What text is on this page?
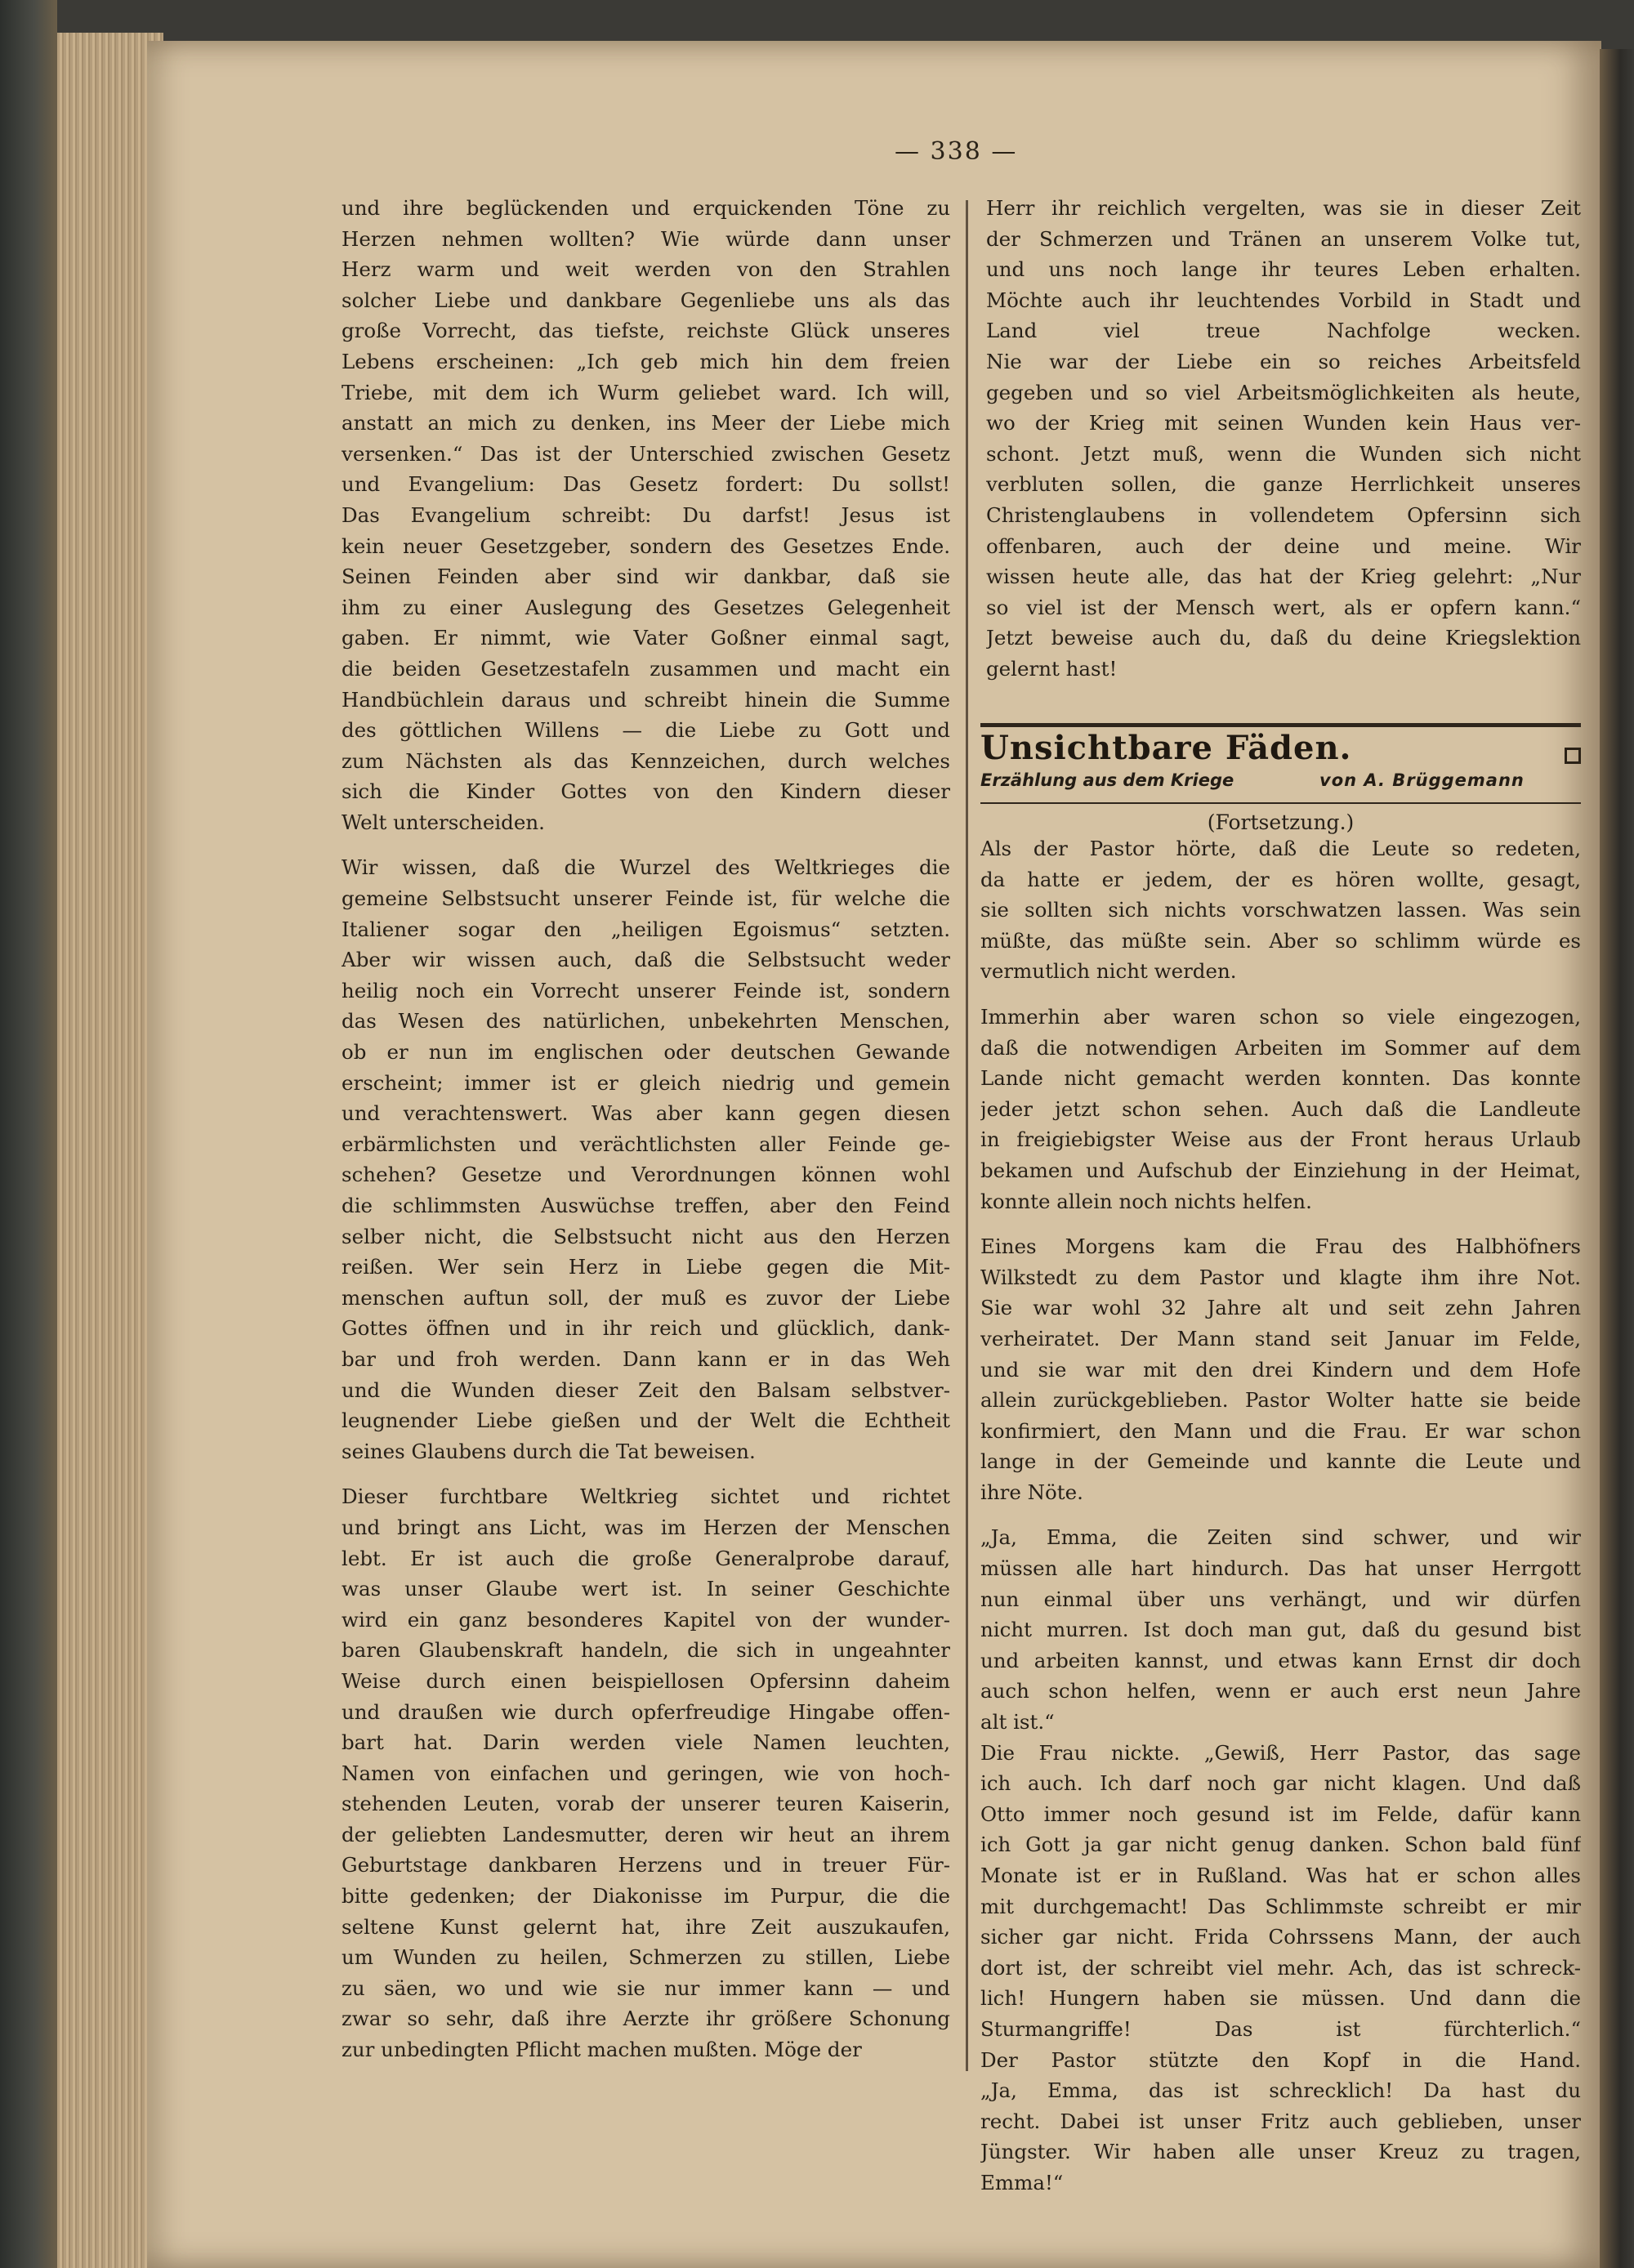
— 338 —
und ihre beglückenden und erquickenden Töne zu
Herzen nehmen wollten? Wie würde dann unser
Herz warm und weit werden von den Strahlen
solcher Liebe und dankbare Gegenliebe uns als das
große Vorrecht, das tiefste, reichste Glück unseres
Lebens erscheinen: „Ich geb mich hin dem freien
Triebe, mit dem ich Wurm geliebet ward. Ich will,
anstatt an mich zu denken, ins Meer der Liebe mich
versenken.“ Das ist der Unterschied zwischen Gesetz
und Evangelium: Das Gesetz fordert: Du sollst!
Das Evangelium schreibt: Du darfst! Jesus ist
kein neuer Gesetzgeber, sondern des Gesetzes Ende.
Seinen Feinden aber sind wir dankbar, daß sie
ihm zu einer Auslegung des Gesetzes Gelegenheit
gaben. Er nimmt, wie Vater Goßner einmal sagt,
die beiden Gesetzestafeln zusammen und macht ein
Handbüchlein daraus und schreibt hinein die Summe
des göttlichen Willens — die Liebe zu Gott und
zum Nächsten als das Kennzeichen, durch welches
sich die Kinder Gottes von den Kindern dieser
Welt unterscheiden.
Wir wissen, daß die Wurzel des Weltkrieges die
gemeine Selbstsucht unserer Feinde ist, für welche die
Italiener sogar den „heiligen Egoismus“ setzten.
Aber wir wissen auch, daß die Selbstsucht weder
heilig noch ein Vorrecht unserer Feinde ist, sondern
das Wesen des natürlichen, unbekehrten Menschen,
ob er nun im englischen oder deutschen Gewande
erscheint; immer ist er gleich niedrig und gemein
und verachtenswert. Was aber kann gegen diesen
erbärmlichsten und verächtlichsten aller Feinde ge-
schehen? Gesetze und Verordnungen können wohl
die schlimmsten Auswüchse treffen, aber den Feind
selber nicht, die Selbstsucht nicht aus den Herzen
reißen. Wer sein Herz in Liebe gegen die Mit-
menschen auftun soll, der muß es zuvor der Liebe
Gottes öffnen und in ihr reich und glücklich, dank-
bar und froh werden. Dann kann er in das Weh
und die Wunden dieser Zeit den Balsam selbstver-
leugnender Liebe gießen und der Welt die Echtheit
seines Glaubens durch die Tat beweisen.
Dieser furchtbare Weltkrieg sichtet und richtet
und bringt ans Licht, was im Herzen der Menschen
lebt. Er ist auch die große Generalprobe darauf,
was unser Glaube wert ist. In seiner Geschichte
wird ein ganz besonderes Kapitel von der wunder-
baren Glaubenskraft handeln, die sich in ungeahnter
Weise durch einen beispiellosen Opfersinn daheim
und draußen wie durch opferfreudige Hingabe offen-
bart hat. Darin werden viele Namen leuchten,
Namen von einfachen und geringen, wie von hoch-
stehenden Leuten, vorab der unserer teuren Kaiserin,
der geliebten Landesmutter, deren wir heut an ihrem
Geburtstage dankbaren Herzens und in treuer Für-
bitte gedenken; der Diakonisse im Purpur, die die
seltene Kunst gelernt hat, ihre Zeit auszukaufen,
um Wunden zu heilen, Schmerzen zu stillen, Liebe
zu säen, wo und wie sie nur immer kann — und
zwar so sehr, daß ihre Aerzte ihr größere Schonung
zur unbedingten Pflicht machen mußten. Möge der
Herr ihr reichlich vergelten, was sie in dieser Zeit
der Schmerzen und Tränen an unserem Volke tut,
und uns noch lange ihr teures Leben erhalten.
Möchte auch ihr leuchtendes Vorbild in Stadt und
Land viel treue Nachfolge wecken.
Nie war der Liebe ein so reiches Arbeitsfeld
gegeben und so viel Arbeitsmöglichkeiten als heute,
wo der Krieg mit seinen Wunden kein Haus ver-
schont. Jetzt muß, wenn die Wunden sich nicht
verbluten sollen, die ganze Herrlichkeit unseres
Christenglaubens in vollendetem Opfersinn sich
offenbaren, auch der deine und meine. Wir
wissen heute alle, das hat der Krieg gelehrt: „Nur
so viel ist der Mensch wert, als er opfern kann.“
Jetzt beweise auch du, daß du deine Kriegslektion
gelernt hast!
Unsichtbare Fäden.
Erzählung aus dem Kriege	von A. Brüggemann
(Fortsetzung.)
Als der Pastor hörte, daß die Leute so redeten,
da hatte er jedem, der es hören wollte, gesagt,
sie sollten sich nichts vorschwatzen lassen. Was sein
müßte, das müßte sein. Aber so schlimm würde es
vermutlich nicht werden.
Immerhin aber waren schon so viele eingezogen,
daß die notwendigen Arbeiten im Sommer auf dem
Lande nicht gemacht werden konnten. Das konnte
jeder jetzt schon sehen. Auch daß die Landleute
in freigiebigster Weise aus der Front heraus Urlaub
bekamen und Aufschub der Einziehung in der Heimat,
konnte allein noch nichts helfen.
Eines Morgens kam die Frau des Halbhöfners
Wilkstedt zu dem Pastor und klagte ihm ihre Not.
Sie war wohl 32 Jahre alt und seit zehn Jahren
verheiratet. Der Mann stand seit Januar im Felde,
und sie war mit den drei Kindern und dem Hofe
allein zurückgeblieben. Pastor Wolter hatte sie beide
konfirmiert, den Mann und die Frau. Er war schon
lange in der Gemeinde und kannte die Leute und
ihre Nöte.
„Ja, Emma, die Zeiten sind schwer, und wir
müssen alle hart hindurch. Das hat unser Herrgott
nun einmal über uns verhängt, und wir dürfen
nicht murren. Ist doch man gut, daß du gesund bist
und arbeiten kannst, und etwas kann Ernst dir doch
auch schon helfen, wenn er auch erst neun Jahre
alt ist.“
Die Frau nickte. „Gewiß, Herr Pastor, das sage
ich auch. Ich darf noch gar nicht klagen. Und daß
Otto immer noch gesund ist im Felde, dafür kann
ich Gott ja gar nicht genug danken. Schon bald fünf
Monate ist er in Rußland. Was hat er schon alles
mit durchgemacht! Das Schlimmste schreibt er mir
sicher gar nicht. Frida Cohrssens Mann, der auch
dort ist, der schreibt viel mehr. Ach, das ist schreck-
lich! Hungern haben sie müssen. Und dann die
Sturmangriffe! Das ist fürchterlich.“
Der Pastor stützte den Kopf in die Hand.
„Ja, Emma, das ist schrecklich! Da hast du
recht. Dabei ist unser Fritz auch geblieben, unser
Jüngster. Wir haben alle unser Kreuz zu tragen,
Emma!“
